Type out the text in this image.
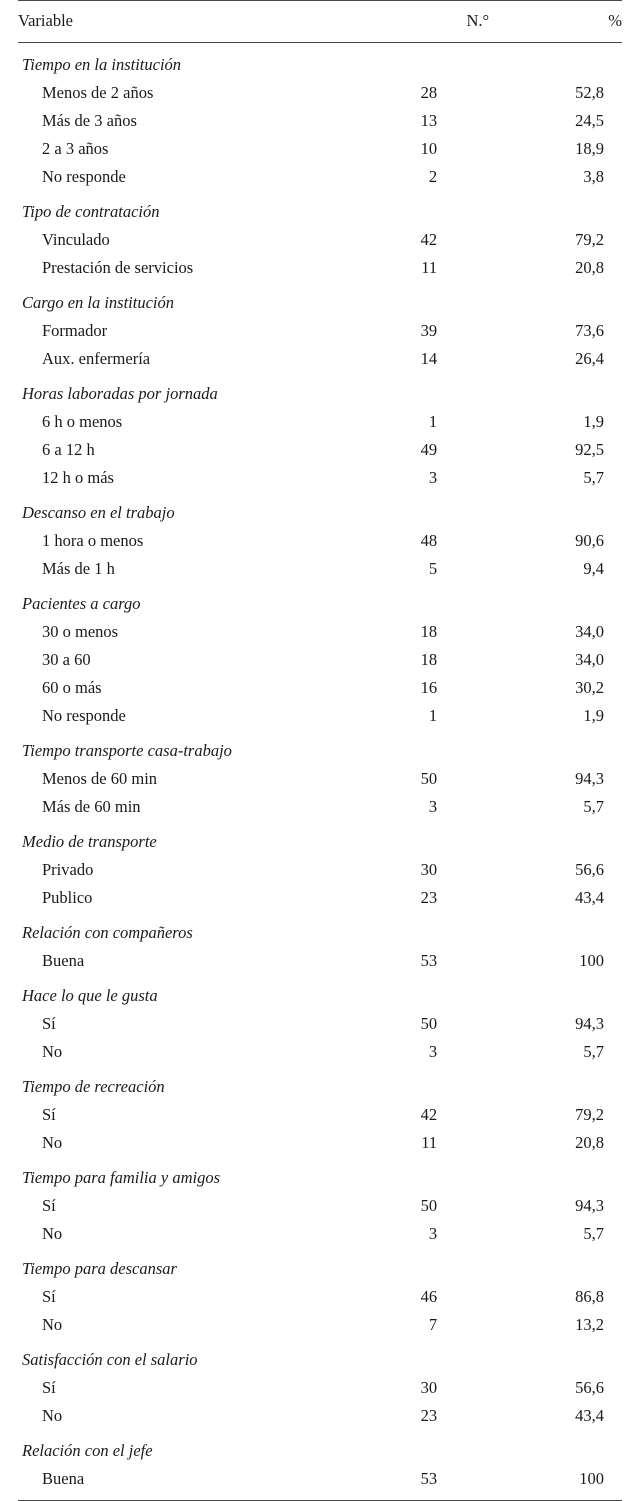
Variable	N.°	%
Tiempo en la institución		
Menos de 2 años	28	52,8
Más de 3 años	13	24,5
2 a 3 años	10	18,9
No responde	2	3,8
Tipo de contratación		
Vinculado	42	79,2
Prestación de servicios	11	20,8
Cargo en la institución		
Formador	39	73,6
Aux. enfermería	14	26,4
Horas laboradas por jornada		
6 h o menos	1	1,9
6 a 12 h	49	92,5
12 h o más	3	5,7
Descanso en el trabajo		
1 hora o menos	48	90,6
Más de 1 h	5	9,4
Pacientes a cargo		
30 o menos	18	34,0
30 a 60	18	34,0
60 o más	16	30,2
No responde	1	1,9
Tiempo transporte casa-trabajo		
Menos de 60 min	50	94,3
Más de 60 min	3	5,7
Medio de transporte		
Privado	30	56,6
Publico	23	43,4
Relación con compañeros		
Buena	53	100
Hace lo que le gusta		
Sí	50	94,3
No	3	5,7
Tiempo de recreación		
Sí	42	79,2
No	11	20,8
Tiempo para familia y amigos		
Sí	50	94,3
No	3	5,7
Tiempo para descansar		
Sí	46	86,8
No	7	13,2
Satisfacción con el salario		
Sí	30	56,6
No	23	43,4
Relación con el jefe		
Buena	53	100
